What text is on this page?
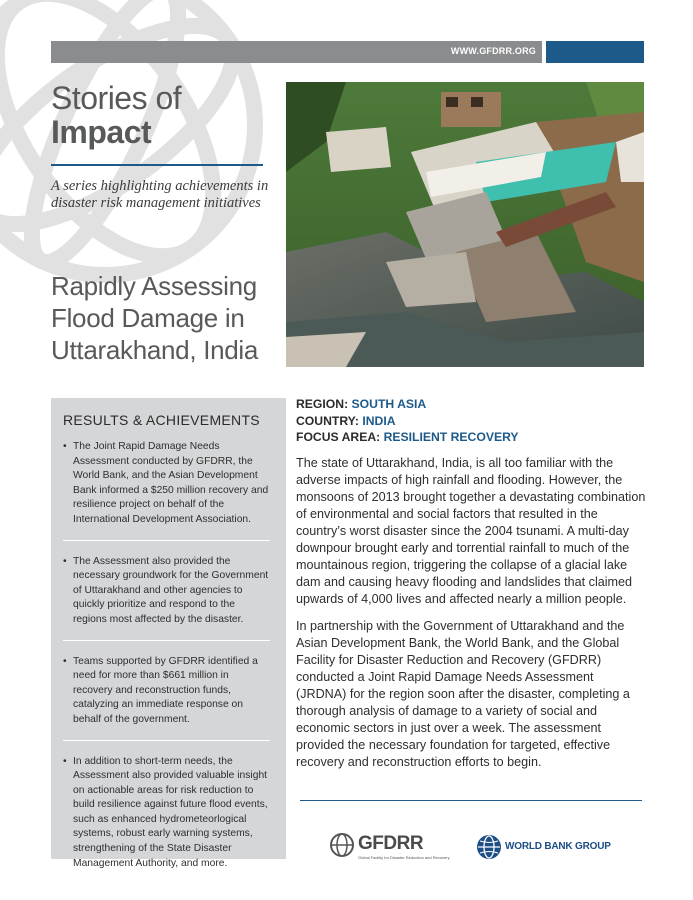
WWW.GFDRR.ORG
Stories of
Impact
A series highlighting achievements in disaster risk management initiatives
Rapidly Assessing Flood Damage in Uttarakhand, India
RESULTS & ACHIEVEMENTS
• The Joint Rapid Damage Needs Assessment conducted by GFDRR, the World Bank, and the Asian Development Bank informed a $250 million recovery and resilience project on behalf of the International Development Association.
• The Assessment also provided the necessary groundwork for the Government of Uttarakhand and other agencies to quickly prioritize and respond to the regions most affected by the disaster.
• Teams supported by GFDRR identified a need for more than $661 million in recovery and reconstruction funds, catalyzing an immediate response on behalf of the government.
• In addition to short-term needs, the Assessment also provided valuable insight on actionable areas for risk reduction to build resilience against future flood events, such as enhanced hydrometeorlogical systems, robust early warning systems, strengthening of the State Disaster Management Authority, and more.
REGION: SOUTH ASIA
COUNTRY: INDIA
FOCUS AREA: RESILIENT RECOVERY

The state of Uttarakhand, India, is all too familiar with the adverse impacts of high rainfall and flooding. However, the monsoons of 2013 brought together a devastating combination of environmental and social factors that resulted in the country’s worst disaster since the 2004 tsunami. A multi-day downpour brought early and torrential rainfall to much of the mountainous region, triggering the collapse of a glacial lake dam and causing heavy flooding and landslides that claimed upwards of 4,000 lives and affected nearly a million people.

In partnership with the Government of Uttarakhand and the Asian Development Bank, the World Bank, and the Global Facility for Disaster Reduction and Recovery (GFDRR) conducted a Joint Rapid Damage Needs Assessment (JRDNA) for the region soon after the disaster, completing a thorough analysis of damage to a variety of social and economic sectors in just over a week. The assessment provided the necessary foundation for targeted, effective recovery and reconstruction efforts to begin.

GFDRR
Global Facility for Disaster Reduction and Recovery
WORLD BANK GROUP
